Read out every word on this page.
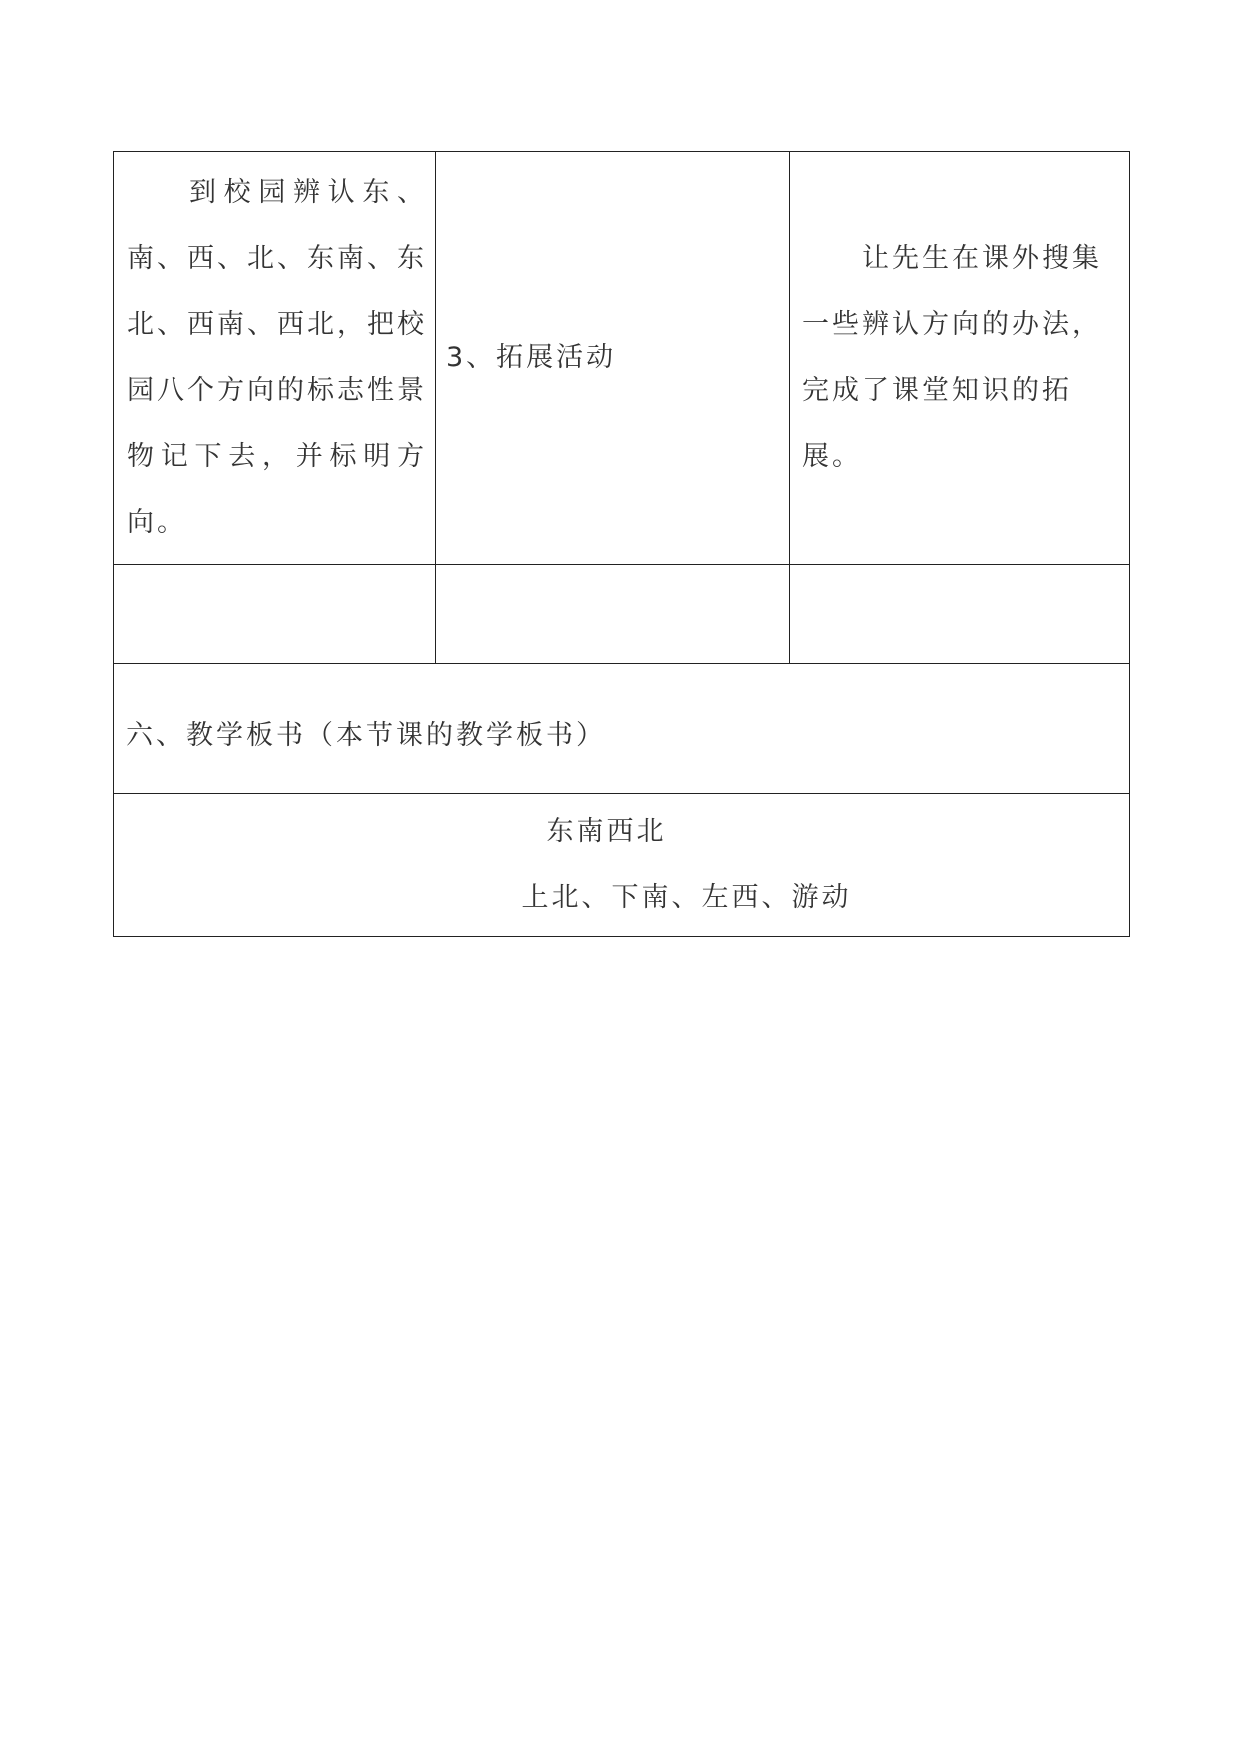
到校园辨认东、南、西、北、东南、东北、西南、西北，把校园八个方向的标志性景物记下去，并标明方向。	3、拓展活动	让先生在课外搜集一些辨认方向的办法，完成了课堂知识的拓展。

六、教学板书（本节课的教学板书）		

东南西北
上北、下南、左西、游动		
